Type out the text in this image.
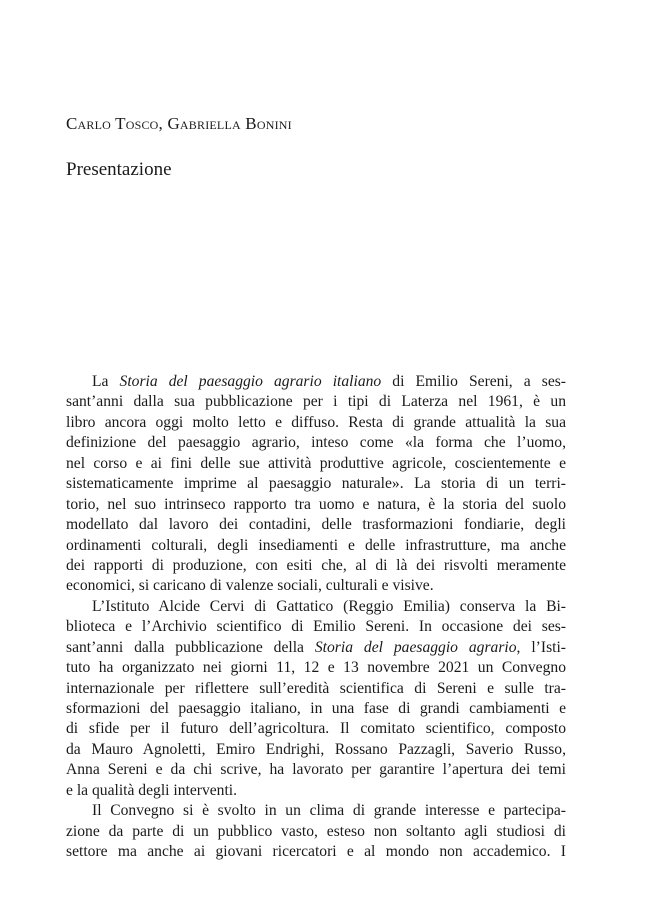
Carlo Tosco, Gabriella Bonini
Presentazione
La Storia del paesaggio agrario italiano di Emilio Sereni, a ses-
sant’anni dalla sua pubblicazione per i tipi di Laterza nel 1961, è un
libro ancora oggi molto letto e diffuso. Resta di grande attualità la sua
definizione del paesaggio agrario, inteso come «la forma che l’uomo,
nel corso e ai fini delle sue attività produttive agricole, coscientemente e
sistematicamente imprime al paesaggio naturale». La storia di un terri-
torio, nel suo intrinseco rapporto tra uomo e natura, è la storia del suolo
modellato dal lavoro dei contadini, delle trasformazioni fondiarie, degli
ordinamenti colturali, degli insediamenti e delle infrastrutture, ma anche
dei rapporti di produzione, con esiti che, al di là dei risvolti meramente
economici, si caricano di valenze sociali, culturali e visive.
L’Istituto Alcide Cervi di Gattatico (Reggio Emilia) conserva la Bi-
blioteca e l’Archivio scientifico di Emilio Sereni. In occasione dei ses-
sant’anni dalla pubblicazione della Storia del paesaggio agrario, l’Isti-
tuto ha organizzato nei giorni 11, 12 e 13 novembre 2021 un Convegno
internazionale per riflettere sull’eredità scientifica di Sereni e sulle tra-
sformazioni del paesaggio italiano, in una fase di grandi cambiamenti e
di sfide per il futuro dell’agricoltura. Il comitato scientifico, composto
da Mauro Agnoletti, Emiro Endrighi, Rossano Pazzagli, Saverio Russo,
Anna Sereni e da chi scrive, ha lavorato per garantire l’apertura dei temi
e la qualità degli interventi.
Il Convegno si è svolto in un clima di grande interesse e partecipa-
zione da parte di un pubblico vasto, esteso non soltanto agli studiosi di
settore ma anche ai giovani ricercatori e al mondo non accademico. I
